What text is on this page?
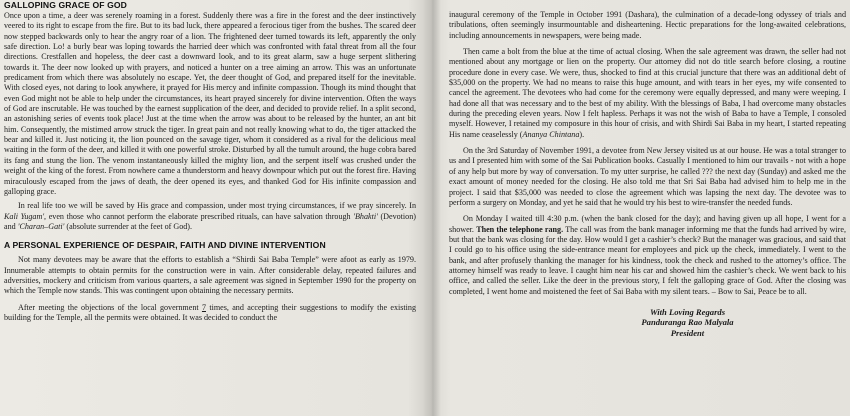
GALLOPING GRACE OF GOD

Once upon a time, a deer was serenely roaming in a forest. Suddenly there was a fire in the forest and the deer instinctively veered to its right to escape from the fire. But to its bad luck, there appeared a ferocious tiger from the bushes. The scared deer now stepped backwards only to hear the angry roar of a lion. The frightened deer turned towards its left, apparently the only safe direction. Lo! a burly bear was loping towards the harried deer which was confronted with fatal threat from all the four directions. Crestfallen and hopeless, the deer cast a downward look, and to its great alarm, saw a huge serpent slithering towards it. The deer now looked up with prayers, and noticed a hunter on a tree aiming an arrow. This was an unfortunate predicament from which there was absolutely no escape. Yet, the deer thought of God, and prepared itself for the inevitable. With closed eyes, not daring to look anywhere, it prayed for His mercy and infinite compassion. Though its mind thought that even God might not be able to help under the circumstances, its heart prayed sincerely for divine intervention. Often the ways of God are inscrutable. He was touched by the earnest supplication of the deer, and decided to provide relief. In a split second, an astonishing series of events took place! Just at the time when the arrow was about to be released by the hunter, an ant bit him. Consequently, the mistimed arrow struck the tiger. In great pain and not really knowing what to do, the tiger attacked the bear and killed it. Just noticing it, the lion pounced on the savage tiger, whom it considered as a rival for the delicious meal waiting in the form of the deer, and killed it with one powerful stroke. Disturbed by all the tumult around, the huge cobra bared its fang and stung the lion. The venom instantaneously killed the mighty lion, and the serpent itself was crushed under the weight of the king of the forest. From nowhere came a thunderstorm and heavy downpour which put out the forest fire. Having miraculously escaped from the jaws of death, the deer opened its eyes, and thanked God for His infinite compassion and galloping grace.

In real life too we will be saved by His grace and compassion, under most trying circumstances, if we pray sincerely. In Kali Yugam', even those who cannot perform the elaborate prescribed rituals, can have salvation through 'Bhakti' (Devotion) and 'Charan–Gati' (absolute surrender at the feet of God).

A PERSONAL EXPERIENCE OF DESPAIR, FAITH AND DIVINE INTERVENTION

Not many devotees may be aware that the efforts to establish a “Shirdi Sai Baba Temple” were afoot as early as 1979. Innumerable attempts to obtain permits for the construction were in vain. After considerable delay, repeated failures and adversities, mockery and criticism from various quarters, a sale agreement was signed in September 1990 for the property on which the Temple now stands. This was contingent upon obtaining the necessary permits.

After meeting the objections of the local government 7 times, and accepting their suggestions to modify the existing building for the Temple, all the permits were obtained. It was decided to conduct the

inaugural ceremony of the Temple in October 1991 (Dashara), the culmination of a decade-long odyssey of trials and tribulations, often seemingly insurmountable and disheartening. Hectic preparations for the long-awaited celebrations, including announcements in newspapers, were being made.

Then came a bolt from the blue at the time of actual closing. When the sale agreement was drawn, the seller had not mentioned about any mortgage or lien on the property. Our attorney did not do title search before closing, a routine procedure done in every case. We were, thus, shocked to find at this crucial juncture that there was an additional debt of $35,000 on the property. We had no means to raise this huge amount, and with tears in her eyes, my wife consented to cancel the agreement. The devotees who had come for the ceremony were equally depressed, and many were weeping. I had done all that was necessary and to the best of my ability. With the blessings of Baba, I had overcome many obstacles during the preceding eleven years. Now I felt hapless. Perhaps it was not the wish of Baba to have a Temple, I consoled myself. However, I retained my composure in this hour of crisis, and with Shirdi Sai Baba in my heart, I started repeating His name ceaselessly (Ananya Chintana).

On the 3rd Saturday of November 1991, a devotee from New Jersey visited us at our house. He was a total stranger to us and I presented him with some of the Sai Publication books. Casually I mentioned to him our travails - not with a hope of any help but more by way of conversation. To my utter surprise, he called ??? the next day (Sunday) and asked me the exact amount of money needed for the closing. He also told me that Sri Sai Baba had advised him to help me in the project. I said that $35,000 was needed to close the agreement which was lapsing the next day. The devotee was to perform a surgery on Monday, and yet he said that he would try his best to wire-transfer the needed funds.

On Monday I waited till 4:30 p.m. (when the bank closed for the day); and having given up all hope, I went for a shower. Then the telephone rang. The call was from the bank manager informing me that the funds had arrived by wire, but that the bank was closing for the day. How would I get a cashier’s check? But the manager was gracious, and said that I could go to his office using the side-entrance meant for employees and pick up the check, immediately. I went to the bank, and after profusely thanking the manager for his kindness, took the check and rushed to the attorney’s office. The attorney himself was ready to leave. I caught him near his car and showed him the cashier’s check. We went back to his office, and called the seller. Like the deer in the previous story, I felt the galloping grace of God. After the closing was completed, I went home and moistened the feet of Sai Baba with my silent tears. – Bow to Sai, Peace be to all.

With Loving Regards
Panduranga Rao Malyala
President
